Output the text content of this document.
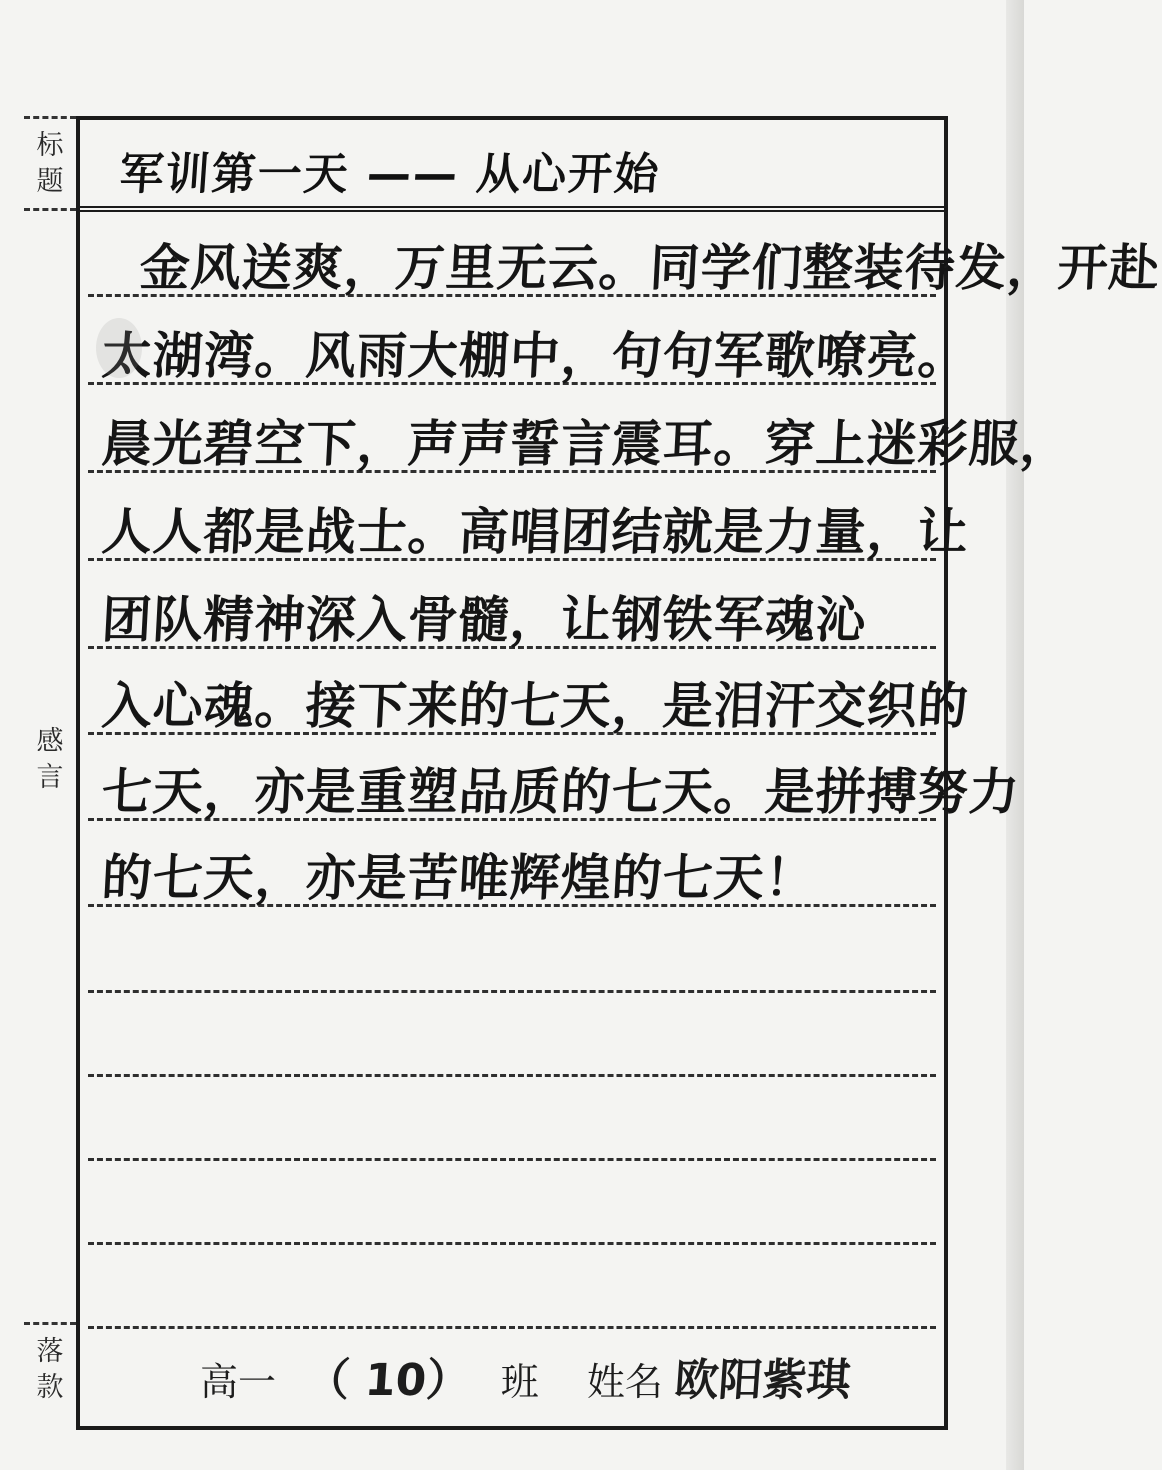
标
题
感
言
落
款
军训第一天 —— 从心开始
金风送爽，万里无云。同学们整装待发，开赴
太湖湾。风雨大棚中，句句军歌嘹亮。
晨光碧空下，声声誓言震耳。穿上迷彩服，
人人都是战士。高唱团结就是力量，让
团队精神深入骨髓，让钢铁军魂沁
入心魂。接下来的七天，是泪汗交织的
七天，亦是重塑品质的七天。是拼搏努力
的七天，亦是苦唯辉煌的七天！
高一 （ 10） 班 姓名 欧阳紫琪
